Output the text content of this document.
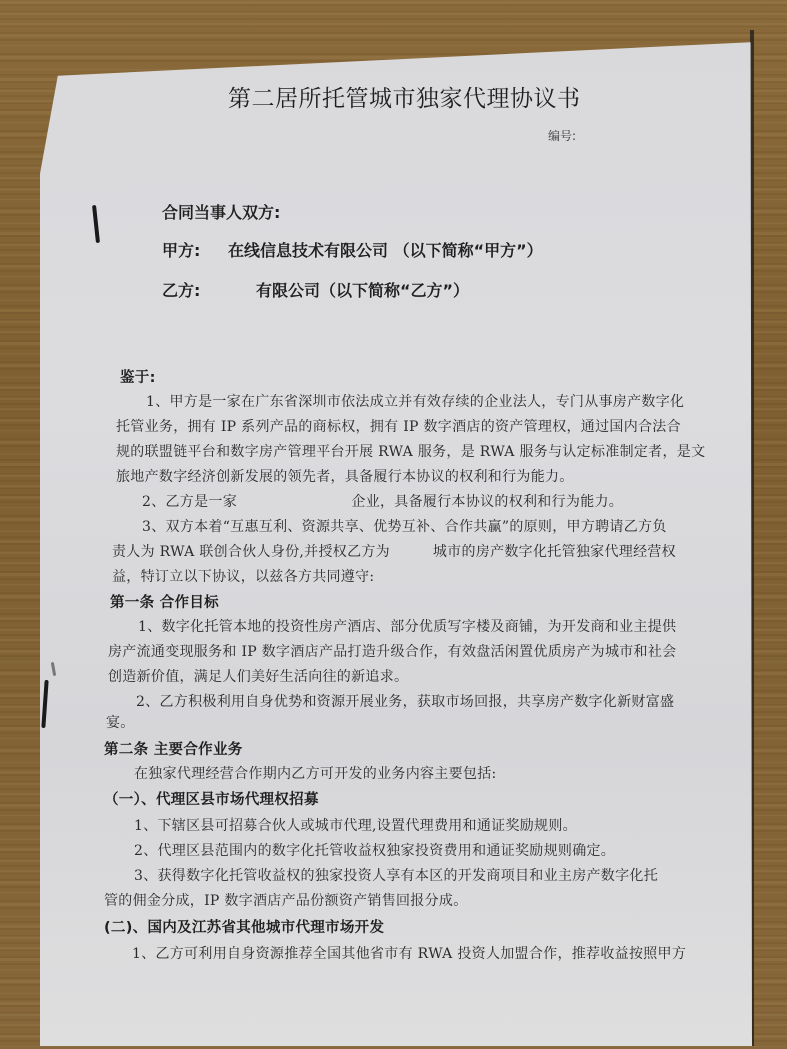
第二居所托管城市独家代理协议书
编号:
合同当事人双方:
甲方: 在线信息技术有限公司 （以下简称“甲方”）
乙方:	有限公司（以下简称“乙方”）
鉴于:
1、甲方是一家在广东省深圳市依法成立并有效存续的企业法人，专门从事房产数字化
托管业务，拥有 IP 系列产品的商标权，拥有 IP 数字酒店的资产管理权，通过国内合法合
规的联盟链平台和数字房产管理平台开展 RWA 服务，是 RWA 服务与认定标准制定者，是文
旅地产数字经济创新发展的领先者，具备履行本协议的权利和行为能力。
2、乙方是一家　　　　　　　　企业，具备履行本协议的权利和行为能力。
3、双方本着“互惠互利、资源共享、优势互补、合作共赢”的原则，甲方聘请乙方负
责人为 RWA 联创合伙人身份,并授权乙方为　　　城市的房产数字化托管独家代理经营权
益，特订立以下协议，以兹各方共同遵守:
第一条 合作目标
1、数字化托管本地的投资性房产酒店、部分优质写字楼及商铺，为开发商和业主提供
房产流通变现服务和 IP 数字酒店产品打造升级合作，有效盘活闲置优质房产为城市和社会
创造新价值，满足人们美好生活向往的新追求。
2、乙方积极利用自身优势和资源开展业务，获取市场回报，共享房产数字化新财富盛
宴。
第二条 主要合作业务
在独家代理经营合作期内乙方可开发的业务内容主要包括:
（一）、代理区县市场代理权招募
1、下辖区县可招募合伙人或城市代理,设置代理费用和通证奖励规则。
2、代理区县范围内的数字化托管收益权独家投资费用和通证奖励规则确定。
3、获得数字化托管收益权的独家投资人享有本区的开发商项目和业主房产数字化托
管的佣金分成，IP 数字酒店产品份额资产销售回报分成。
(二)、国内及江苏省其他城市代理市场开发
1、乙方可利用自身资源推荐全国其他省市有 RWA 投资人加盟合作，推荐收益按照甲方
